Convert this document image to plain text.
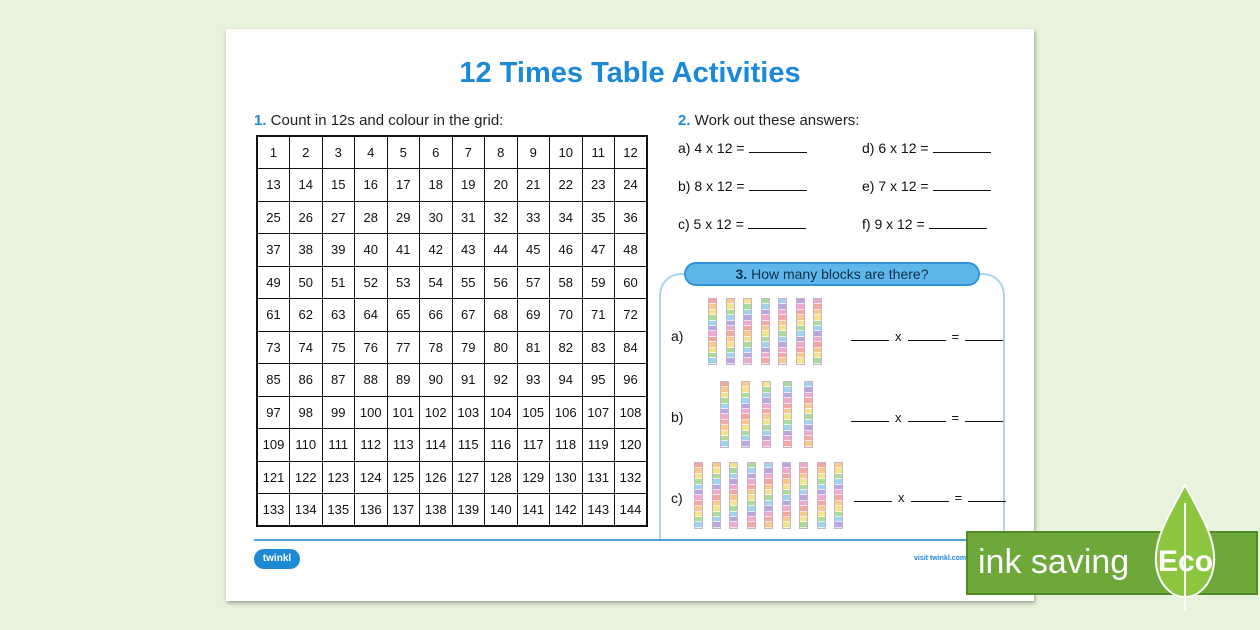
12 Times Table Activities
1. Count in 12s and colour in the grid:
1	2	3	4	5	6	7	8	9	10	11	12
13	14	15	16	17	18	19	20	21	22	23	24
25	26	27	28	29	30	31	32	33	34	35	36
37	38	39	40	41	42	43	44	45	46	47	48
49	50	51	52	53	54	55	56	57	58	59	60
61	62	63	64	65	66	67	68	69	70	71	72
73	74	75	76	77	78	79	80	81	82	83	84
85	86	87	88	89	90	91	92	93	94	95	96
97	98	99	100	101	102	103	104	105	106	107	108
109	110	111	112	113	114	115	116	117	118	119	120
121	122	123	124	125	126	127	128	129	130	131	132
133	134	135	136	137	138	139	140	141	142	143	144
2. Work out these answers:
a) 4 x 12 =
b) 8 x 12 =
c) 5 x 12 =
d) 6 x 12 =
e) 7 x 12 =
f) 9 x 12 =
3. How many blocks are there?
a)
b)
c)
x	=
x	=
x	=
twinkl	visit twinkl.com ink saving Eco
